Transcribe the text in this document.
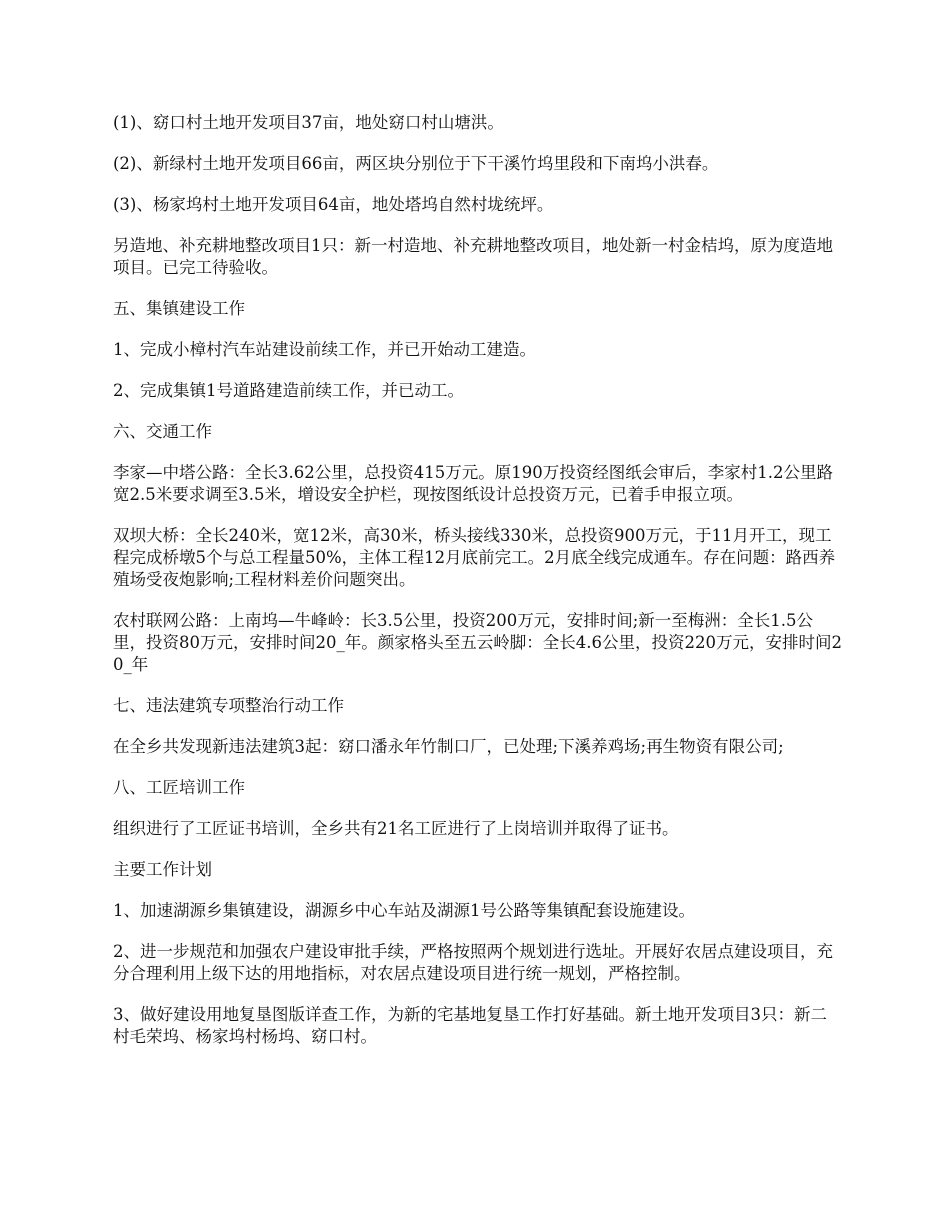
(1)、窈口村土地开发项目37亩，地处窈口村山塘洪。

(2)、新绿村土地开发项目66亩，两区块分别位于下干溪竹坞里段和下南坞小洪春。

(3)、杨家坞村土地开发项目64亩，地处塔坞自然村垅统坪。

另造地、补充耕地整改项目1只：新一村造地、补充耕地整改项目，地处新一村金桔坞，原为度造地项目。已完工待验收。

五、集镇建设工作

1、完成小樟村汽车站建设前续工作，并已开始动工建造。

2、完成集镇1号道路建造前续工作，并已动工。

六、交通工作

李家—中塔公路：全长3.62公里，总投资415万元。原190万投资经图纸会审后，李家村1.2公里路宽2.5米要求调至3.5米，增设安全护栏，现按图纸设计总投资万元，已着手申报立项。

双坝大桥：全长240米，宽12米，高30米，桥头接线330米，总投资900万元，于11月开工，现工程完成桥墩5个与总工程量50%，主体工程12月底前完工。2月底全线完成通车。存在问题：路西养殖场受夜炮影响;工程材料差价问题突出。

农村联网公路：上南坞—牛峰岭：长3.5公里，投资200万元，安排时间;新一至梅洲：全长1.5公里，投资80万元，安排时间20_年。颜家格头至五云岭脚：全长4.6公里，投资220万元，安排时间20_年

七、违法建筑专项整治行动工作

在全乡共发现新违法建筑3起：窈口潘永年竹制口厂，已处理;下溪养鸡场;再生物资有限公司;

八、工匠培训工作

组织进行了工匠证书培训，全乡共有21名工匠进行了上岗培训并取得了证书。

主要工作计划

1、加速湖源乡集镇建设，湖源乡中心车站及湖源1号公路等集镇配套设施建设。

2、进一步规范和加强农户建设审批手续，严格按照两个规划进行选址。开展好农居点建设项目，充分合理利用上级下达的用地指标，对农居点建设项目进行统一规划，严格控制。

3、做好建设用地复垦图版详查工作，为新的宅基地复垦工作打好基础。新土地开发项目3只：新二村毛荣坞、杨家坞村杨坞、窈口村。
